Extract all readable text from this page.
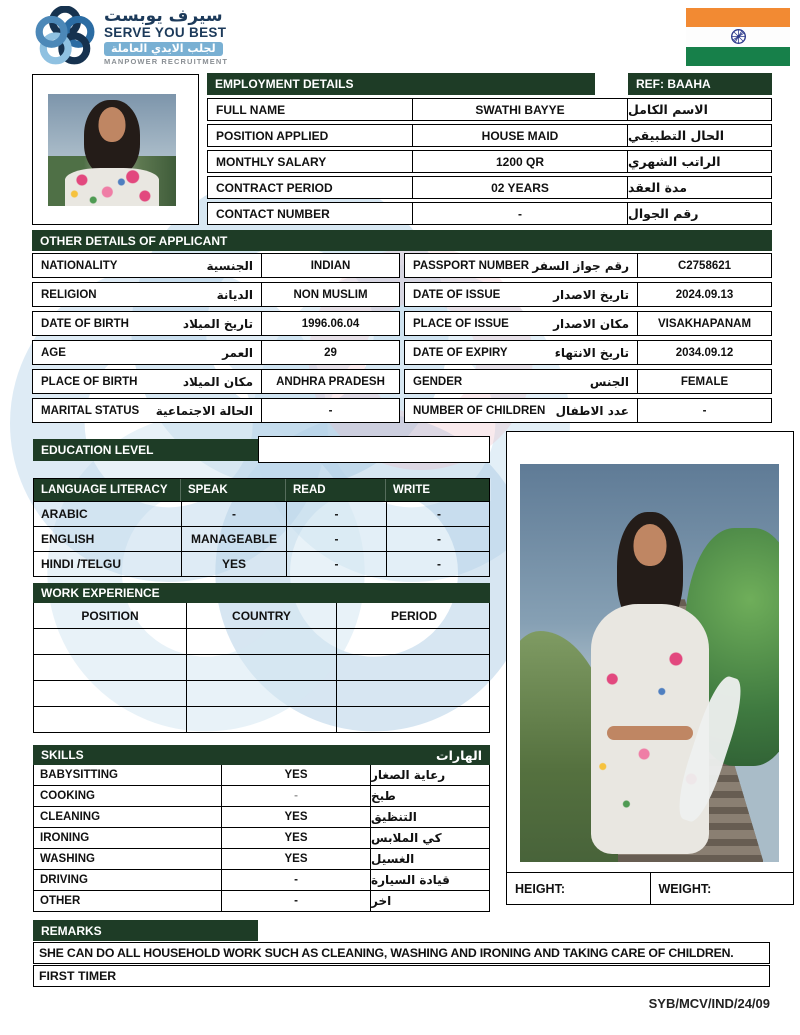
سيرف يوبست
SERVE YOU BEST
لجلب الايدي العاملة
MANPOWER RECRUITMENT
EMPLOYMENT DETAILS	REF: BAAHA
FULL NAME	SWATHI BAYYE	الاسم الكامل
POSITION APPLIED	HOUSE MAID	الحال التطبيقي
MONTHLY SALARY	1200 QR	الراتب الشهري
CONTRACT PERIOD	02 YEARS	مدة العقد
CONTACT NUMBER	-	رقم الجوال
OTHER DETAILS OF APPLICANT
NATIONALITY	الجنسية	INDIAN
RELIGION	الديانة	NON MUSLIM
DATE OF BIRTH	تاريخ الميلاد	1996.06.04
AGE	العمر	29
PLACE OF BIRTH	مكان الميلاد	ANDHRA PRADESH
MARITAL STATUS الحالة الاجتماعية	-
PASSPORT NUMBER رقم جواز السفر	C2758621
DATE OF ISSUE	تاريخ الاصدار	2024.09.13
PLACE OF ISSUE	مكان الاصدار	VISAKHAPANAM
DATE OF EXPIRY	تاريخ الانتهاء	2034.09.12
GENDER	الجنس	FEMALE
NUMBER OF CHILDREN عدد الاطفال	-
EDUCATION LEVEL
LANGUAGE LITERACY	SPEAK	READ	WRITE
ARABIC	-	-	-
ENGLISH	MANAGEABLE	-	-
HINDI /TELGU	YES	-	-
WORK EXPERIENCE
POSITION	COUNTRY	PERIOD
SKILLS	الهارات
BABYSITTING	YES	رعاية الصغار
COOKING	-	طبخ
CLEANING	YES	التنظيق
IRONING	YES	كي الملابس
WASHING	YES	الغسيل
DRIVING	-	قيادة السيارة
OTHER	-	اخر
HEIGHT:	WEIGHT:
REMARKS
SHE CAN DO ALL HOUSEHOLD WORK SUCH AS CLEANING, WASHING AND IRONING AND TAKING CARE OF CHILDREN.
FIRST TIMER
SYB/MCV/IND/24/09
